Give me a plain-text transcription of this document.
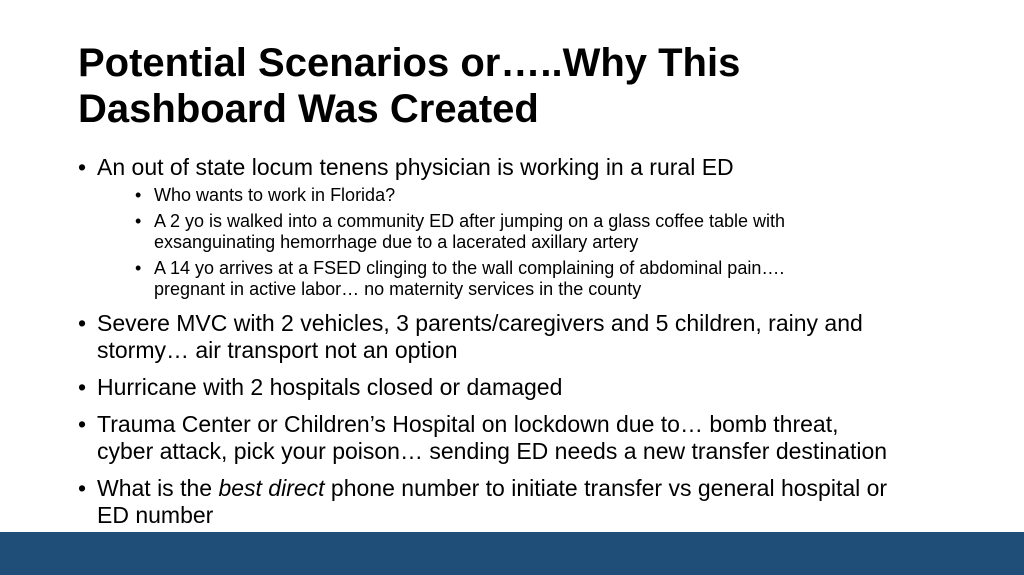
Potential Scenarios or…..Why This
Dashboard Was Created
• An out of state locum tenens physician is working in a rural ED
• Who wants to work in Florida?
• A 2 yo is walked into a community ED after jumping on a glass coffee table with
exsanguinating hemorrhage due to a lacerated axillary artery
• A 14 yo arrives at a FSED clinging to the wall complaining of abdominal pain….
pregnant in active labor… no maternity services in the county
• Severe MVC with 2 vehicles, 3 parents/caregivers and 5 children, rainy and
stormy… air transport not an option
• Hurricane with 2 hospitals closed or damaged
• Trauma Center or Children’s Hospital on lockdown due to… bomb threat,
cyber attack, pick your poison… sending ED needs a new transfer destination
• What is the best direct phone number to initiate transfer vs general hospital or
ED number
